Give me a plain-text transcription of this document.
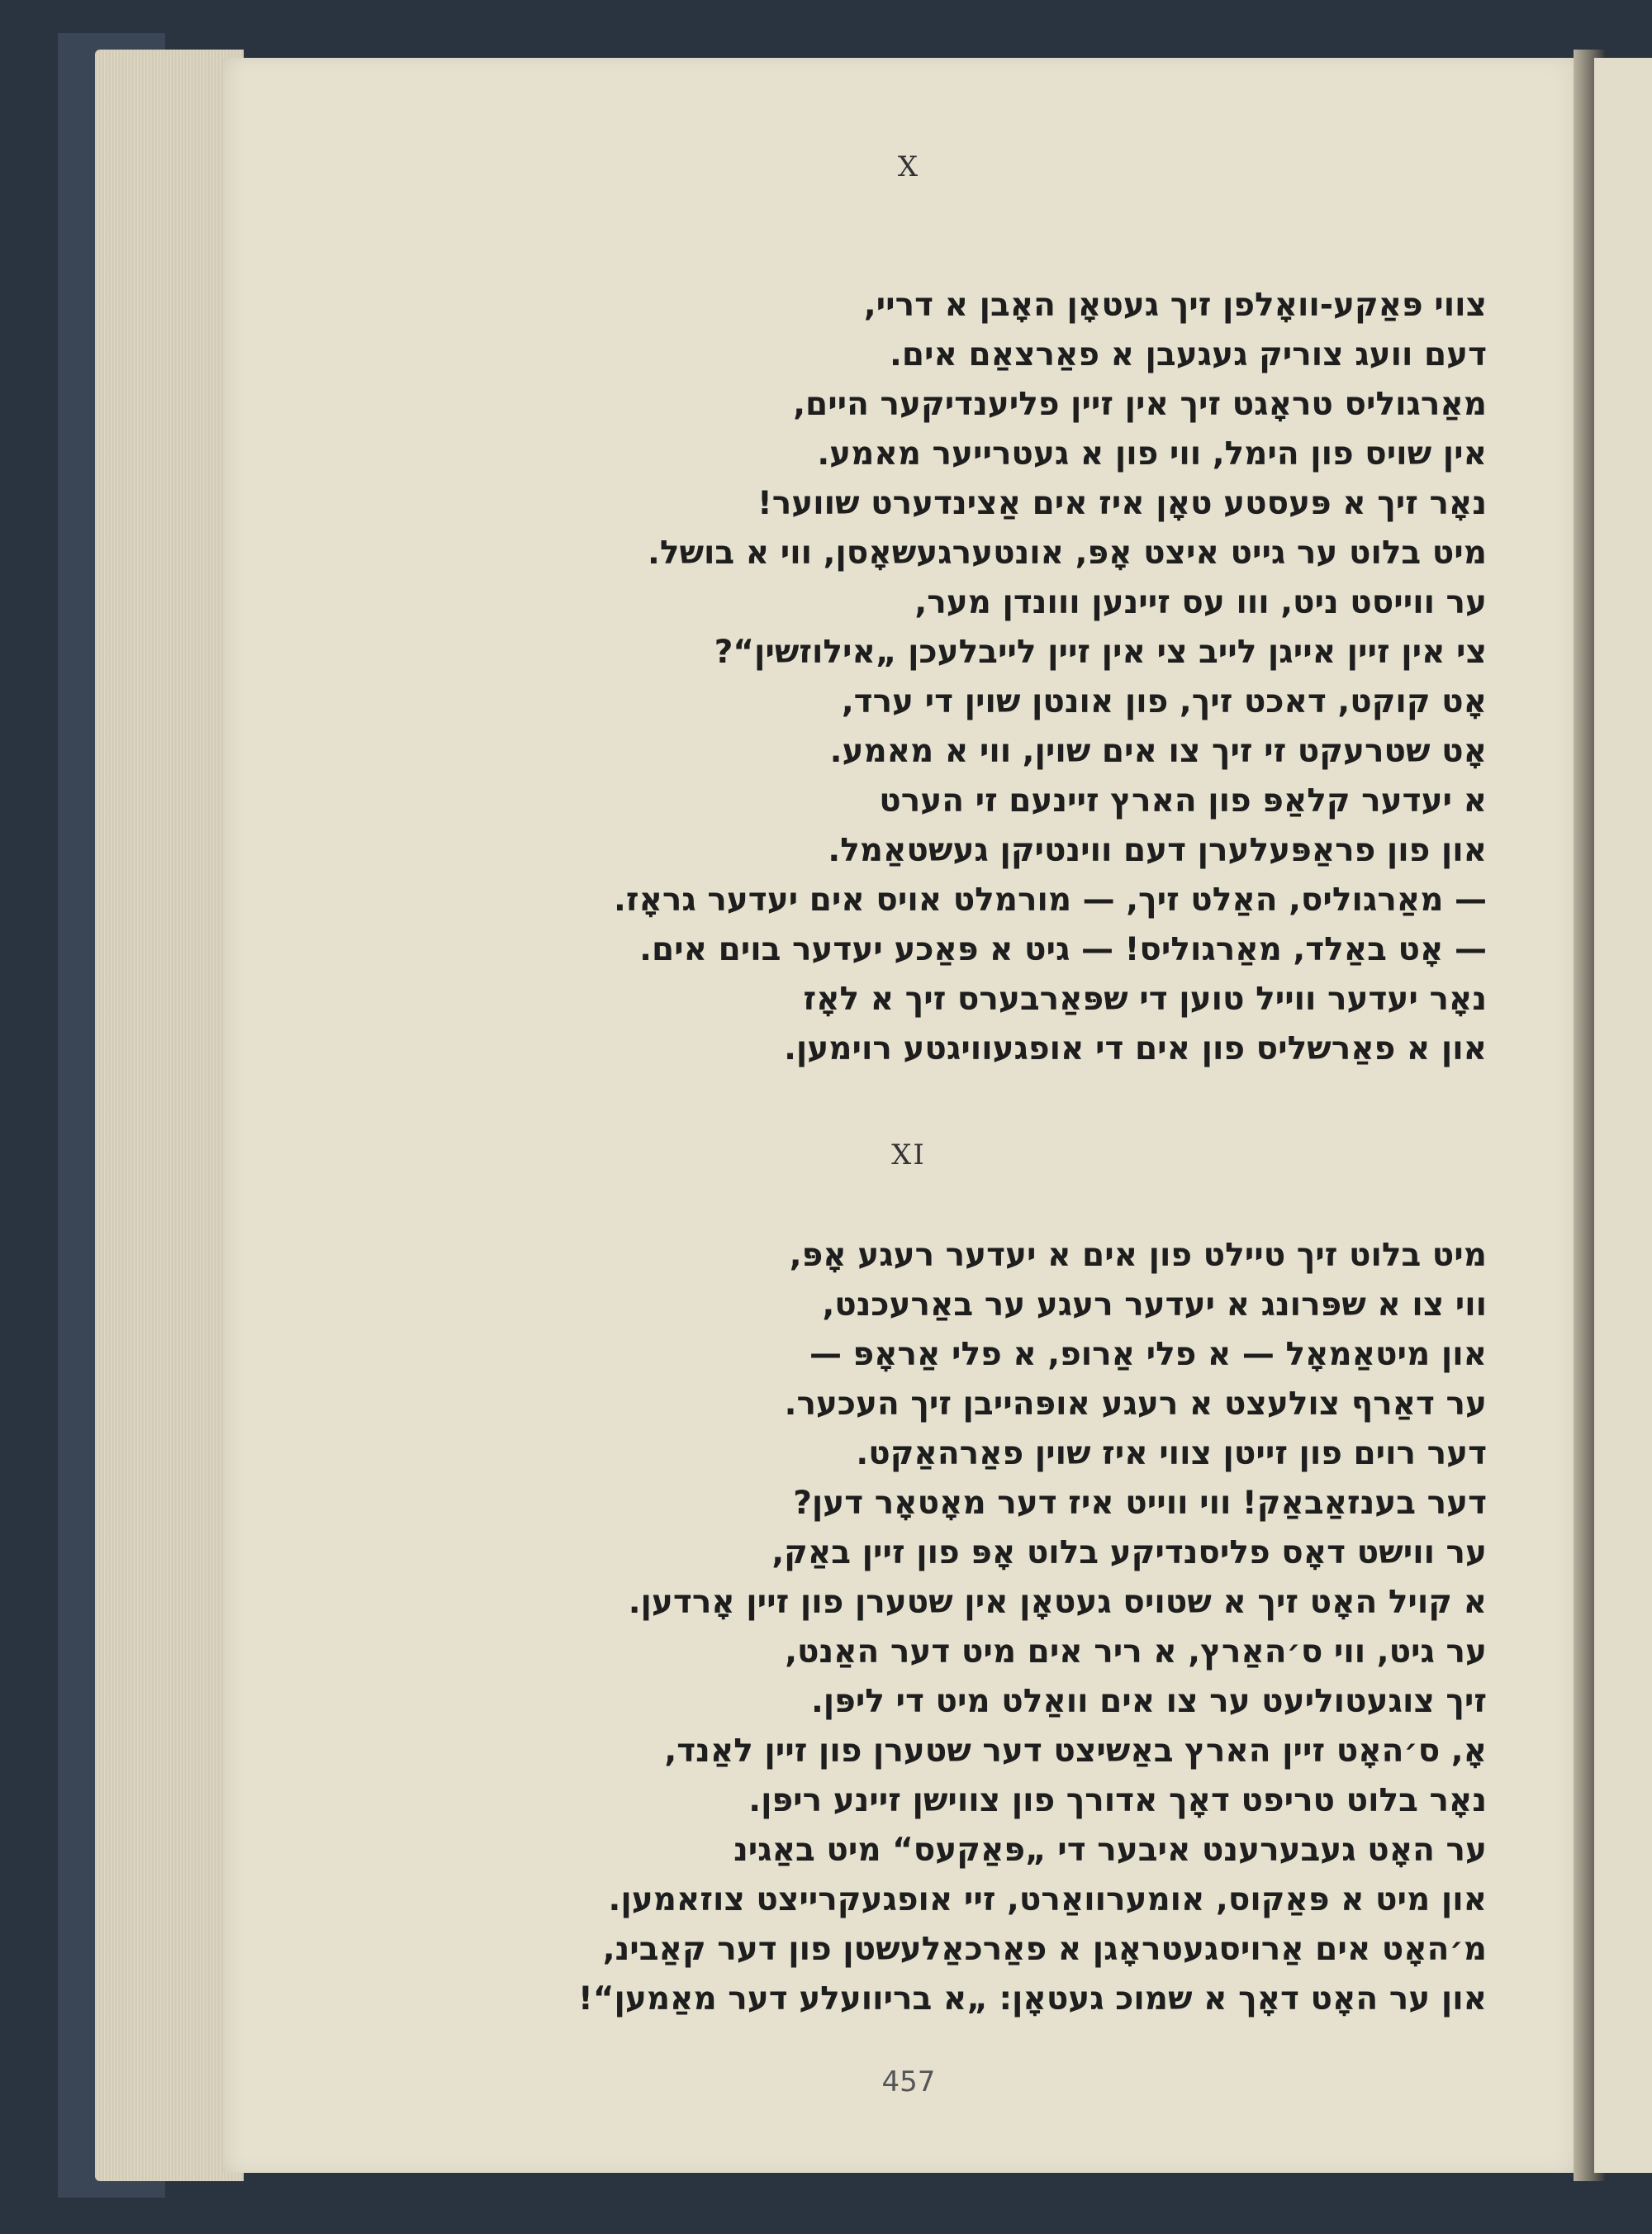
X
צווי פּאַקע-וואָלפן זיך געטאָן האָבן א דריי,
דעם וועג צוריק געגעבן א פאַרצאַם אים.
מאַרגוליס טראָגט זיך אין זיין פליענדיקער היים,
אין שויס פון הימל, ווי פון א געטרייער מאמע.
נאָר זיך א פּעסטע טאָן איז אים אַצינדערט שווער!
מיט בלוט ער גייט איצט אָפּ, אונטערגעשאָסן, ווי א בושל.
ער ווייסט ניט, ווו עס זיינען ווונדן מער,
צי אין זיין אייגן לייב צי אין זיין לייבלעכן „אילוזשין“?
אָט קוקט, דאכט זיך, פון אונטן שוין די ערד,
אָט שטרעקט זי זיך צו אים שוין, ווי א מאמע.
א יעדער קלאַפּ פון הארץ זיינעם זי הערט
און פון פראַפּעלערן דעם ווינטיקן געשטאַמל.
— מאַרגוליס, האַלט זיך, — מורמלט אויס אים יעדער גראָז.
— אָט באַלד, מאַרגוליס! — גיט א פּאַכע יעדער בוים אים.
נאָר יעדער ווייל טוען די שפּאַרבערס זיך א לאָז
און א פאַרשליס פון אים די אופגעוויגטע רוימען.
XI
מיט בלוט זיך טיילט פון אים א יעדער רעגע אָפּ,
ווי צו א שפּרונג א יעדער רעגע ער באַרעכנט,
און מיטאַמאָל — א פלי אַרופ, א פלי אַראָפּ —
ער דאַרף צולעצט א רעגע אופּהייבן זיך העכער.
דער רוים פון זייטן צווי איז שוין פאַרהאַקט.
דער בענזאַבאַק! ווי ווייט איז דער מאָטאָר דען?
ער ווישט דאָס פליסנדיקע בלוט אָפּ פון זיין באַק,
א קויל האָט זיך א שטויס געטאָן אין שטערן פון זיין אָרדען.
ער גיט, ווי ס׳האַרץ, א ריר אים מיט דער האַנט,
זיך צוגעטוליעט ער צו אים וואַלט מיט די ליפּן.
אָ, ס׳האָט זיין הארץ באַשיצט דער שטערן פון זיין לאַנד,
נאָר בלוט טריפט דאָך אדורך פון צווישן זיינע ריפּן.
ער האָט געבערענט איבער די „פּאַקעס“ מיט באַגינ
און מיט א פּאַקוס, אומערוואַרט, זיי אופגעקרייצט צוזאמען.
מ׳האָט אים אַרויסגעטראָגן א פאַרכאַלעשטן פון דער קאַבינ,
און ער האָט דאָך א שמוכ געטאָן: „א בריוועלע דער מאַמען“!
457
